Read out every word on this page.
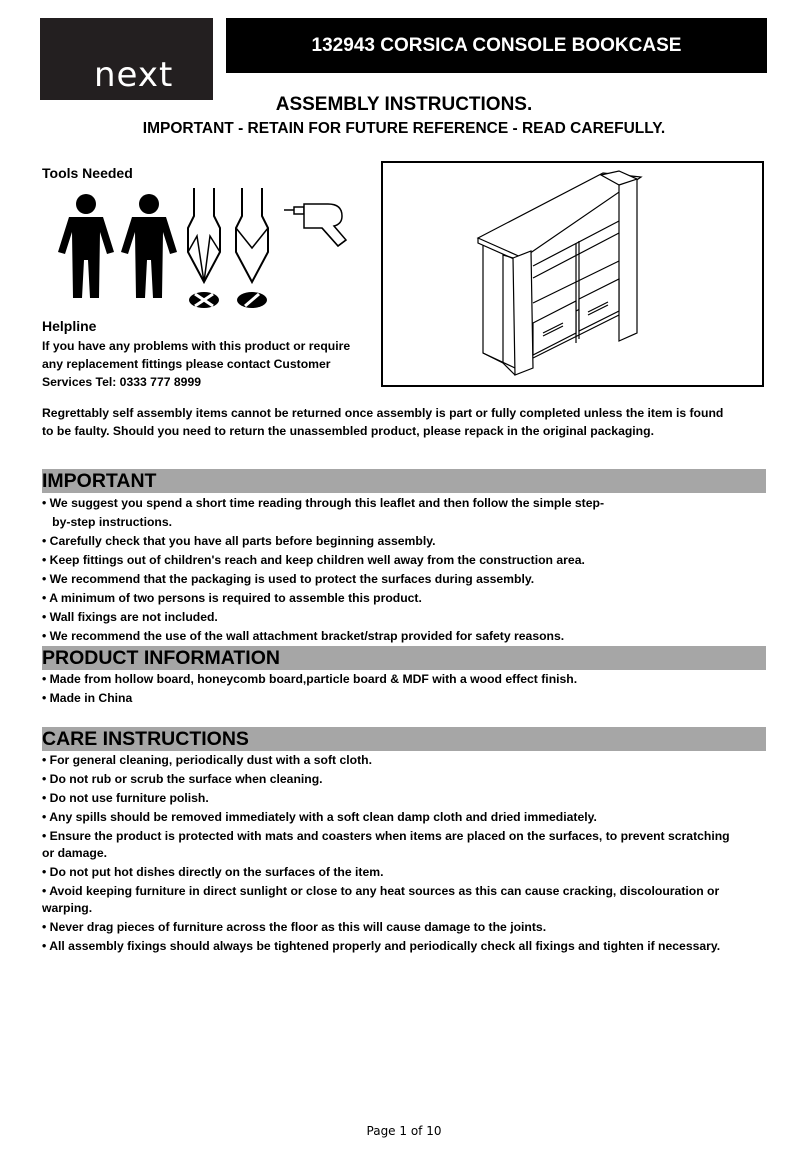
next
132943 CORSICA CONSOLE BOOKCASE
ASSEMBLY INSTRUCTIONS.
IMPORTANT - RETAIN FOR FUTURE REFERENCE - READ CAREFULLY.
Tools Needed
Helpline
If you have any problems with this product or require
any replacement fittings please contact Customer
Services Tel: 0333 777 8999
Regrettably self assembly items cannot be returned once assembly is part or fully completed unless the item is found
to be faulty. Should you need to return the unassembled product, please repack in the original packaging.
IMPORTANT
• We suggest you spend a short time reading through this leaflet and then follow the simple step-
by-step instructions.
• Carefully check that you have all parts before beginning assembly.
• Keep fittings out of children's reach and keep children well away from the construction area.
• We recommend that the packaging is used to protect the surfaces during assembly.
• A minimum of two persons is required to assemble this product.
• Wall fixings are not included.
• We recommend the use of the wall attachment bracket/strap provided for safety reasons.
PRODUCT INFORMATION
• Made from hollow board, honeycomb board,particle board & MDF with a wood effect finish.
• Made in China
CARE INSTRUCTIONS
• For general cleaning, periodically dust with a soft cloth.
• Do not rub or scrub the surface when cleaning.
• Do not use furniture polish.
• Any spills should be removed immediately with a soft clean damp cloth and dried immediately.
• Ensure the product is protected with mats and coasters when items are placed on the surfaces, to prevent scratching
or damage.
• Do not put hot dishes directly on the surfaces of the item.
• Avoid keeping furniture in direct sunlight or close to any heat sources as this can cause cracking, discolouration or
warping.
• Never drag pieces of furniture across the floor as this will cause damage to the joints.
• All assembly fixings should always be tightened properly and periodically check all fixings and tighten if necessary.
Page 1 of 10
